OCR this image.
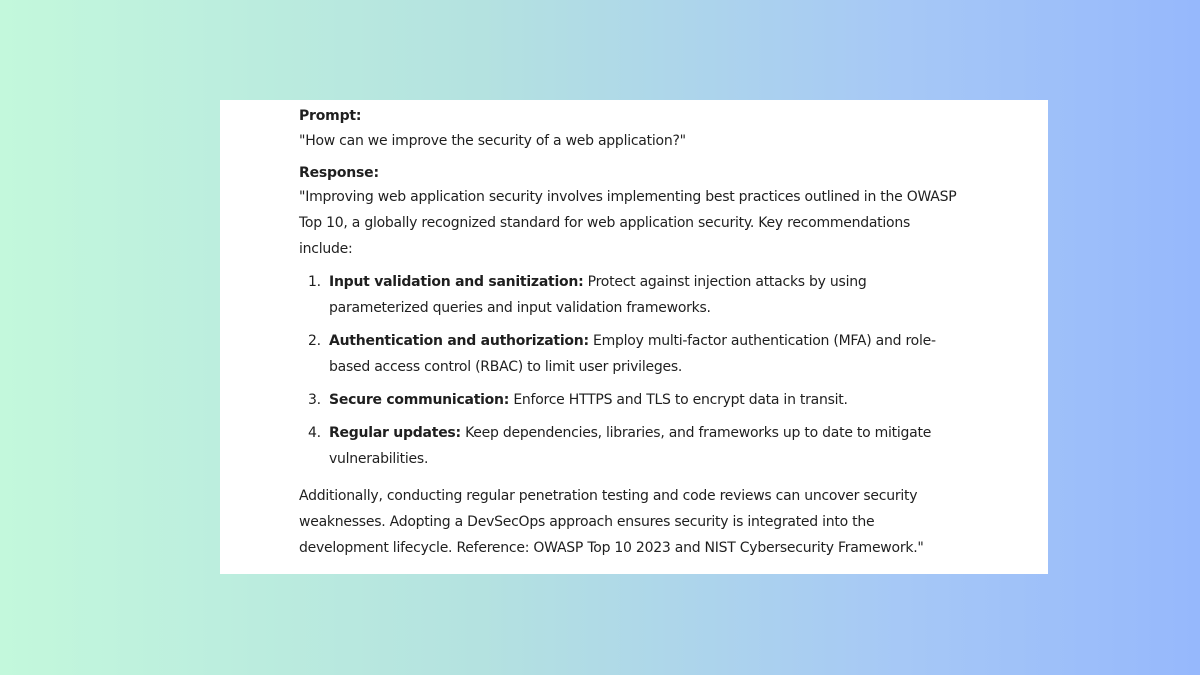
Prompt:

"How can we improve the security of a web application?"

Response:

"Improving web application security involves implementing best practices outlined in the OWASP Top 10, a globally recognized standard for web application security. Key recommendations include:

1. Input validation and sanitization: Protect against injection attacks by using parameterized queries and input validation frameworks.
2. Authentication and authorization: Employ multi-factor authentication (MFA) and role-based access control (RBAC) to limit user privileges.
3. Secure communication: Enforce HTTPS and TLS to encrypt data in transit.
4. Regular updates: Keep dependencies, libraries, and frameworks up to date to mitigate vulnerabilities.

Additionally, conducting regular penetration testing and code reviews can uncover security weaknesses. Adopting a DevSecOps approach ensures security is integrated into the development lifecycle. Reference: OWASP Top 10 2023 and NIST Cybersecurity Framework."
